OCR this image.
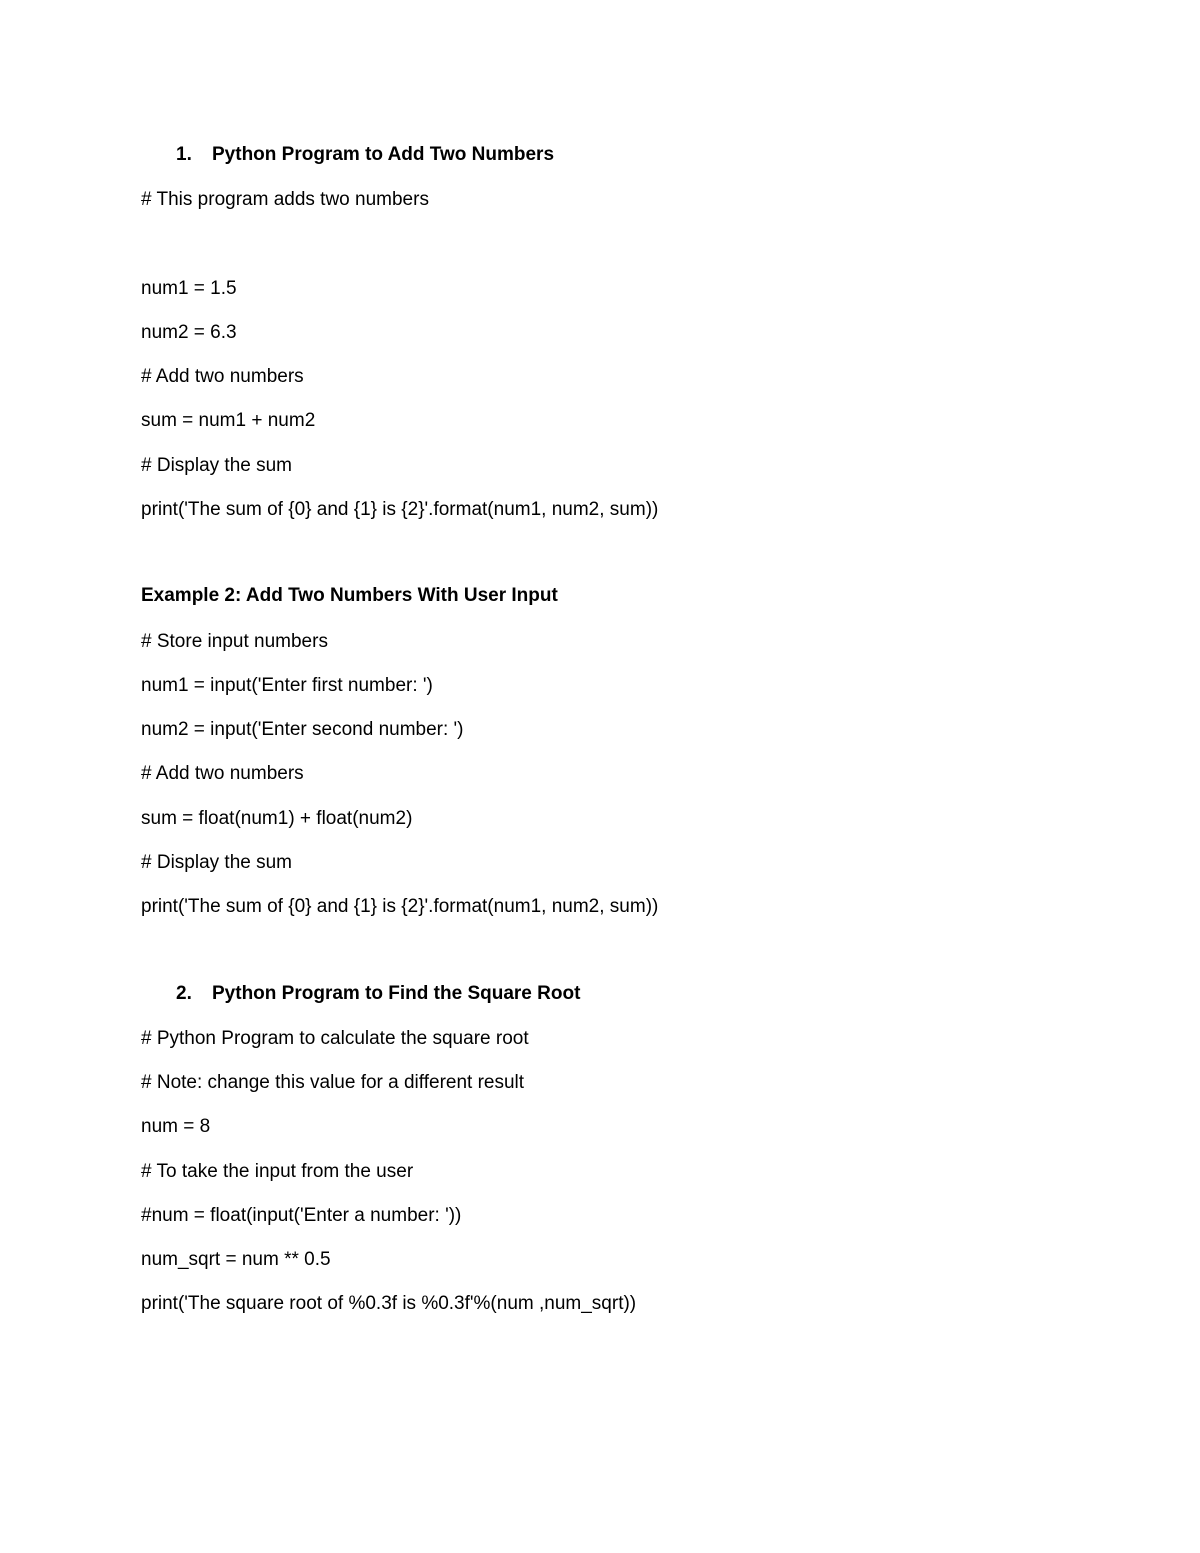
1. Python Program to Add Two Numbers
# This program adds two numbers
num1 = 1.5
num2 = 6.3
# Add two numbers
sum = num1 + num2
# Display the sum
print('The sum of {0} and {1} is {2}'.format(num1, num2, sum))
Example 2: Add Two Numbers With User Input
# Store input numbers
num1 = input('Enter first number: ')
num2 = input('Enter second number: ')
# Add two numbers
sum = float(num1) + float(num2)
# Display the sum
print('The sum of {0} and {1} is {2}'.format(num1, num2, sum))
2. Python Program to Find the Square Root
# Python Program to calculate the square root
# Note: change this value for a different result
num = 8
# To take the input from the user
#num = float(input('Enter a number: '))
num_sqrt = num ** 0.5
print('The square root of %0.3f is %0.3f'%(num ,num_sqrt))
